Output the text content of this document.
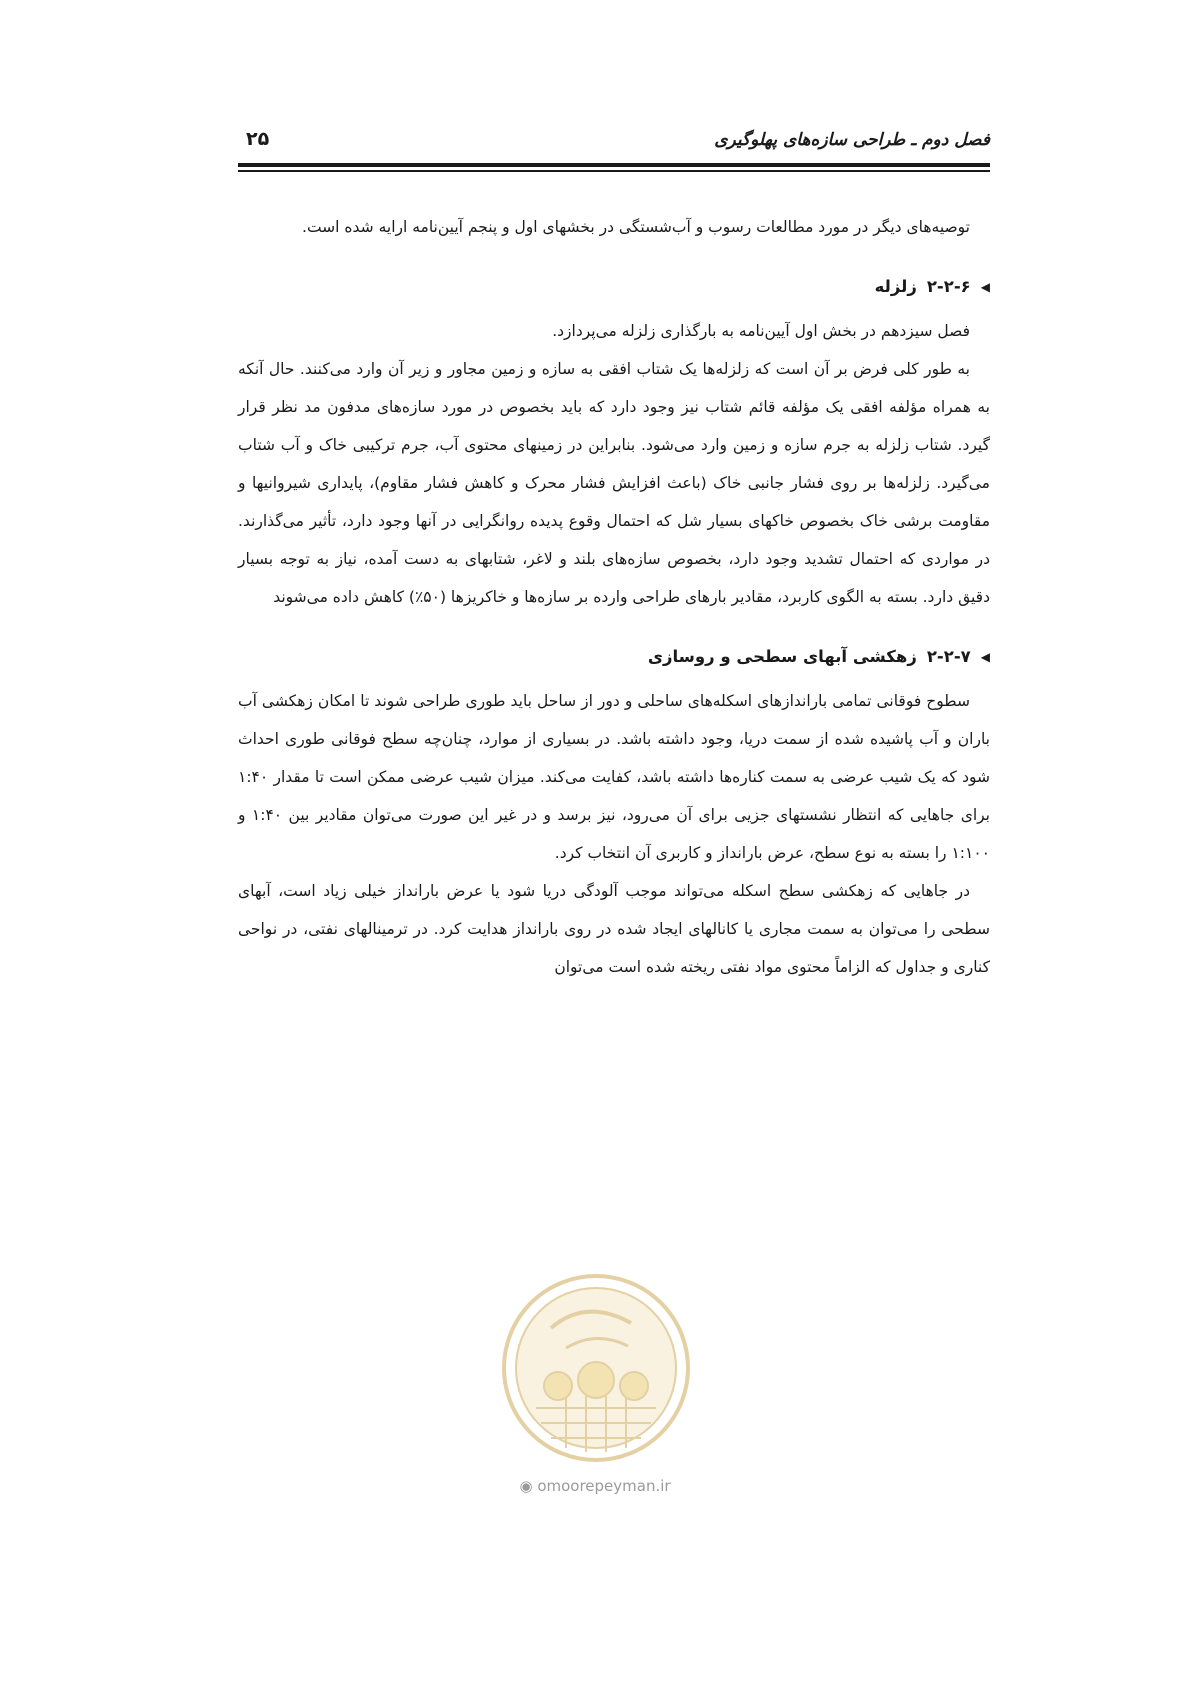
فصل دوم ـ طراحی سازه‌های پهلوگیری
۲۵

توصیه‌های دیگر در مورد مطالعات رسوب و آب‌شستگی در بخشهای اول و پنجم آیین‌نامه ارایه شده است.

◀
۲-۲-۶
زلزله

فصل سیزدهم در بخش اول آیین‌نامه به بارگذاری زلزله می‌پردازد.

به طور کلی فرض بر آن است که زلزله‌ها یک شتاب افقی به سازه و زمین مجاور و زیر آن وارد می‌کنند. حال آنکه به همراه مؤلفه افقی یک مؤلفه قائم شتاب نیز وجود دارد که باید بخصوص در مورد سازه‌های مدفون مد نظر قرار گیرد. شتاب زلزله به جرم سازه و زمین وارد می‌شود. بنابراین در زمینهای محتوی آب، جرم ترکیبی خاک و آب شتاب می‌گیرد. زلزله‌ها بر روی فشار جانبی خاک (باعث افزایش فشار محرک و کاهش فشار مقاوم)، پایداری شیروانیها و مقاومت برشی خاک بخصوص خاکهای بسیار شل که احتمال وقوع پدیده روانگرایی در آنها وجود دارد، تأثیر می‌گذارند. در مواردی که احتمال تشدید وجود دارد، بخصوص سازه‌های بلند و لاغر، شتابهای به دست آمده، نیاز به توجه بسیار دقیق دارد. بسته به الگوی کاربرد، مقادیر بارهای طراحی وارده بر سازه‌ها و خاکریزها (۵۰٪) کاهش داده می‌شوند

◀
۲-۲-۷
زهکشی آبهای سطحی و روسازی

سطوح فوقانی تمامی باراندازهای اسکله‌های ساحلی و دور از ساحل باید طوری طراحی شوند تا امکان زهکشی آب باران و آب پاشیده شده از سمت دریا، وجود داشته باشد. در بسیاری از موارد، چنان‌چه سطح فوقانی طوری احداث شود که یک شیب عرضی به سمت کناره‌ها داشته باشد، کفایت می‌کند. میزان شیب عرضی ممکن است تا مقدار ۱:۴۰ برای جاهایی که انتظار نشستهای جزیی برای آن می‌رود، نیز برسد و در غیر این صورت می‌توان مقادیر بین ۱:۴۰ و ۱:۱۰۰ را بسته به نوع سطح، عرض بارانداز و کاربری آن انتخاب کرد.

در جاهایی که زهکشی سطح اسکله می‌تواند موجب آلودگی دریا شود یا عرض بارانداز خیلی زیاد است، آبهای سطحی را می‌توان به سمت مجاری یا کانالهای ایجاد شده در روی بارانداز هدایت کرد. در ترمینالهای نفتی، در نواحی کناری و جداول که الزاماً محتوی مواد نفتی ریخته شده است می‌توان

◉ omoorepeyman.ir
